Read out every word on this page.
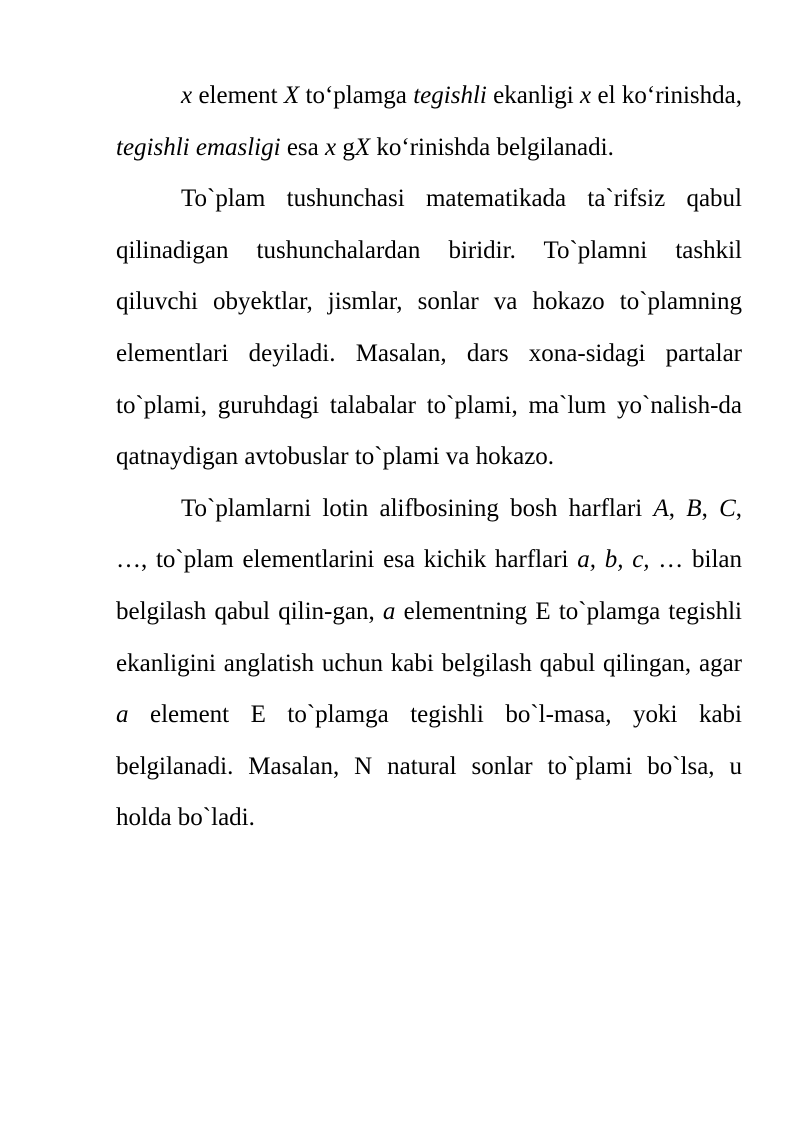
x element X to‘plamga tegishli ekanligi x el ko‘rinishda, tegishli emasligi esa x gX ko‘rinishda belgilanadi.

To`plam tushunchasi matematikada ta`rifsiz qabul qilinadigan tushunchalardan biridir. To`plamni tashkil qiluvchi obyektlar, jismlar, sonlar va hokazo to`plamning elementlari deyiladi. Masalan, dars xona-sidagi partalar to`plami, guruhdagi talabalar to`plami, ma`lum yo`nalish-da qatnaydigan avtobuslar to`plami va hokazo.

To`plamlarni lotin alifbosining bosh harflari A, B, C, …, to`plam elementlarini esa kichik harflari a, b, c, … bilan belgilash qabul qilin-gan, a elementning E to`plamga tegishli ekanligini anglatish uchun kabi belgilash qabul qilingan, agar a element E to`plamga tegishli bo`l-masa, yoki kabi belgilanadi. Masalan, N natural sonlar to`plami bo`lsa, u holda bo`ladi.
